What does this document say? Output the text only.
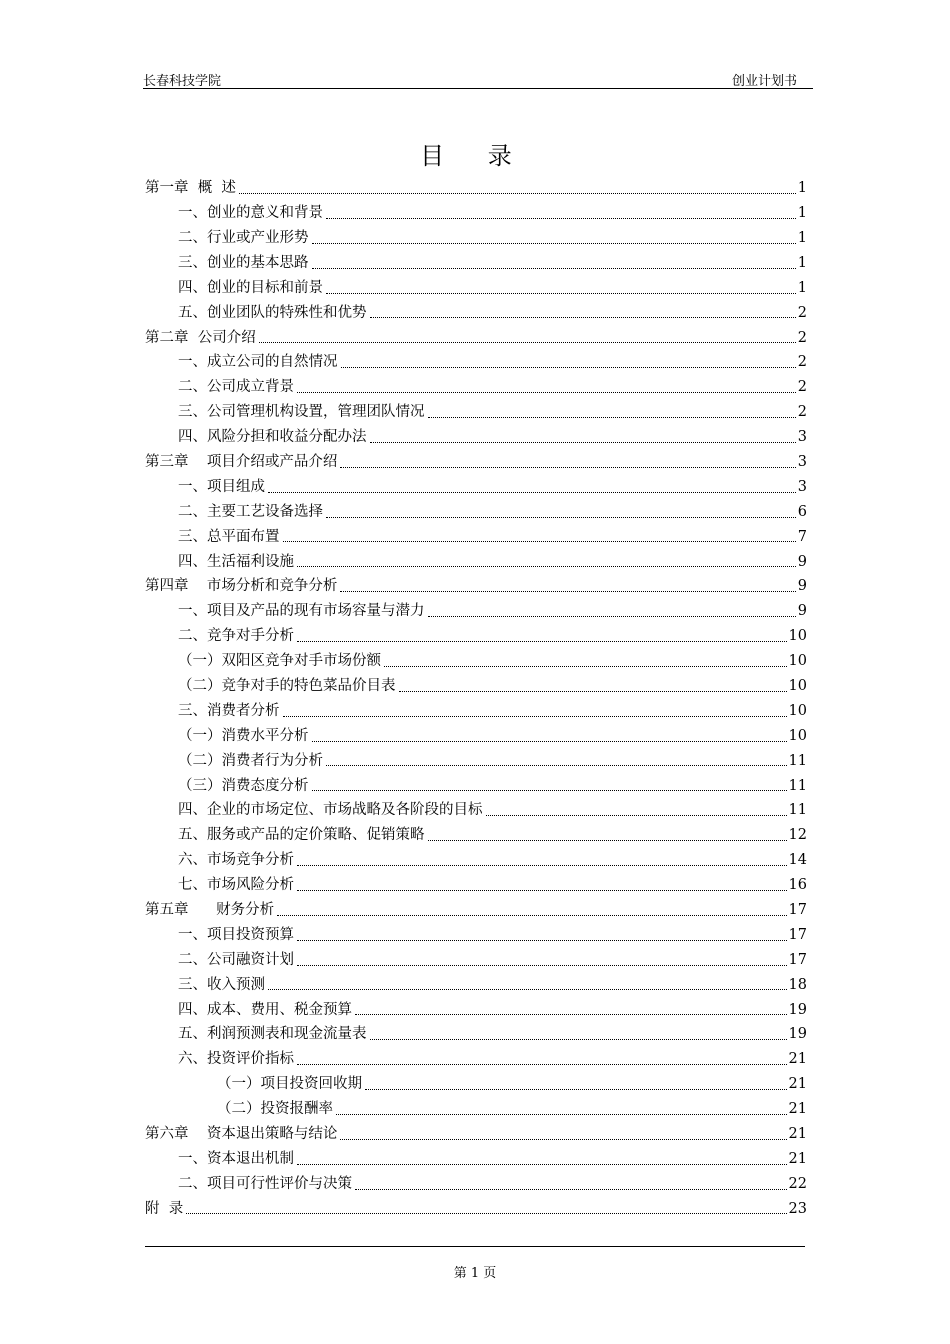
长春科技学院	创业计划书
目 录
第一章  概  述	1
一、创业的意义和背景	1
二、行业或产业形势	1
三、创业的基本思路	1
四、创业的目标和前景	1
五、创业团队的特殊性和优势	2
第二章  公司介绍	2
一、成立公司的自然情况	2
二、公司成立背景	2
三、公司管理机构设置，管理团队情况	2
四、风险分担和收益分配办法	3
第三章    项目介绍或产品介绍	3
一、项目组成	3
二、主要工艺设备选择	6
三、总平面布置	7
四、生活福利设施	9
第四章    市场分析和竞争分析	9
一、项目及产品的现有市场容量与潜力	9
二、竞争对手分析	10
（一）双阳区竞争对手市场份额	10
（二）竞争对手的特色菜品价目表	10
三、消费者分析	10
（一）消费水平分析	10
（二）消费者行为分析	11
（三）消费态度分析	11
四、企业的市场定位、市场战略及各阶段的目标	11
五、服务或产品的定价策略、促销策略	12
六、市场竞争分析	14
七、市场风险分析	16
第五章      财务分析	17
一、项目投资预算	17
二、公司融资计划	17
三、收入预测	18
四、成本、费用、税金预算	19
五、利润预测表和现金流量表	19
六、投资评价指标	21
（一）项目投资回收期	21
（二）投资报酬率	21
第六章    资本退出策略与结论	21
一、资本退出机制	21
二、项目可行性评价与决策	22
附  录	23
第 1 页
